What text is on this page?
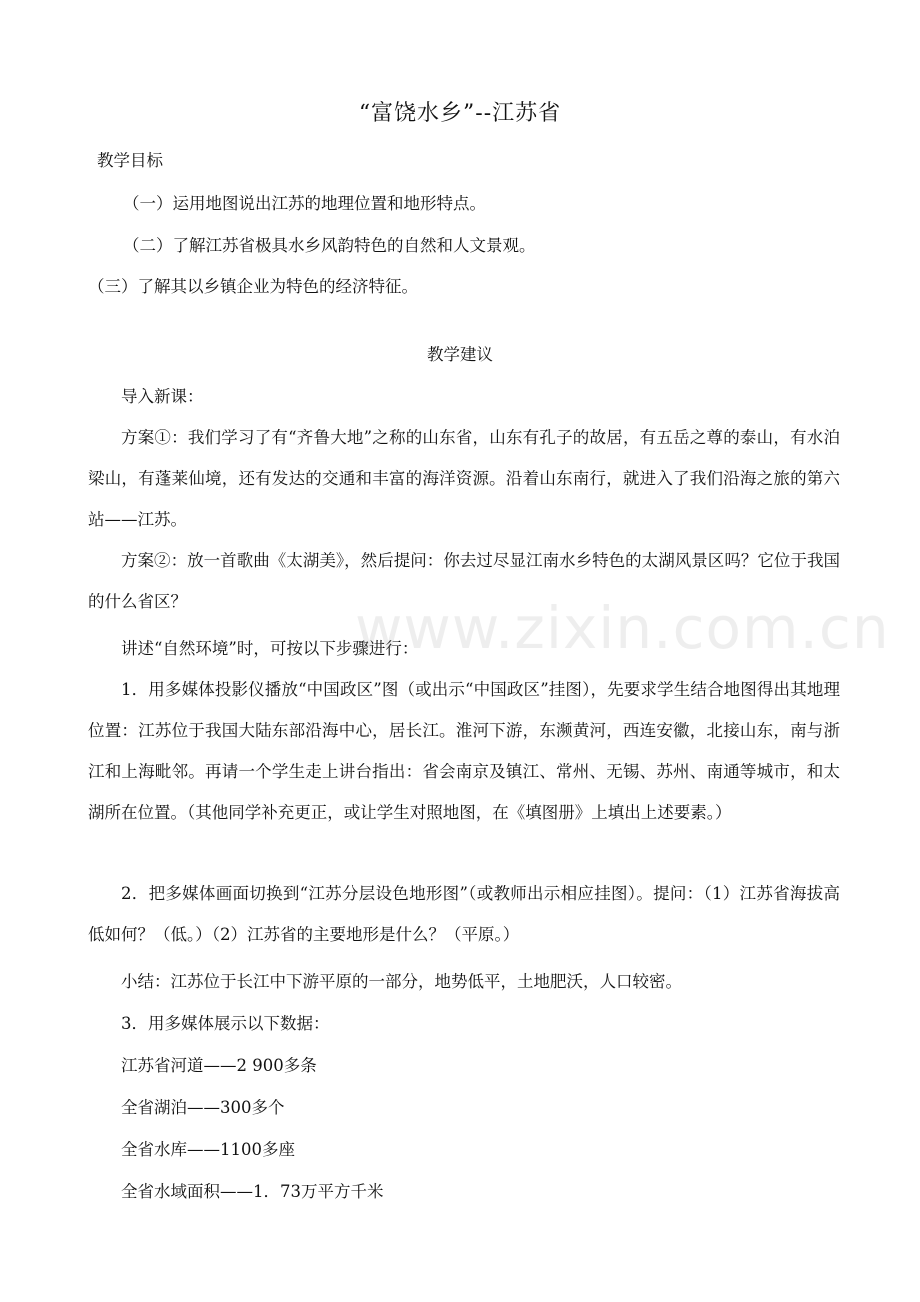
“富饶水乡”--江苏省
教学目标
（一）运用地图说出江苏的地理位置和地形特点。
（二）了解江苏省极具水乡风韵特色的自然和人文景观。
（三）了解其以乡镇企业为特色的经济特征。
教学建议
导入新课：
方案①：我们学习了有“齐鲁大地”之称的山东省，山东有孔子的故居，有五岳之尊的泰山，有水泊梁山，有蓬莱仙境，还有发达的交通和丰富的海洋资源。沿着山东南行，就进入了我们沿海之旅的第六站——江苏。
方案②：放一首歌曲《太湖美》，然后提问：你去过尽显江南水乡特色的太湖风景区吗？它位于我国的什么省区？
讲述“自然环境”时，可按以下步骤进行：
1．用多媒体投影仪播放“中国政区”图（或出示“中国政区”挂图），先要求学生结合地图得出其地理位置：江苏位于我国大陆东部沿海中心，居长江。淮河下游，东濒黄河，西连安徽，北接山东，南与浙江和上海毗邻。再请一个学生走上讲台指出：省会南京及镇江、常州、无锡、苏州、南通等城市，和太湖所在位置。（其他同学补充更正，或让学生对照地图，在《填图册》上填出上述要素。）
2．把多媒体画面切换到“江苏分层设色地形图”（或教师出示相应挂图）。提问：（1）江苏省海拔高低如何？（低。）（2）江苏省的主要地形是什么？（平原。）
小结：江苏位于长江中下游平原的一部分，地势低平，土地肥沃，人口较密。
3．用多媒体展示以下数据：
江苏省河道——2 900多条
全省湖泊——300多个
全省水库——1100多座
全省水域面积——1．73万平方千米
www.zixin.com.cn
